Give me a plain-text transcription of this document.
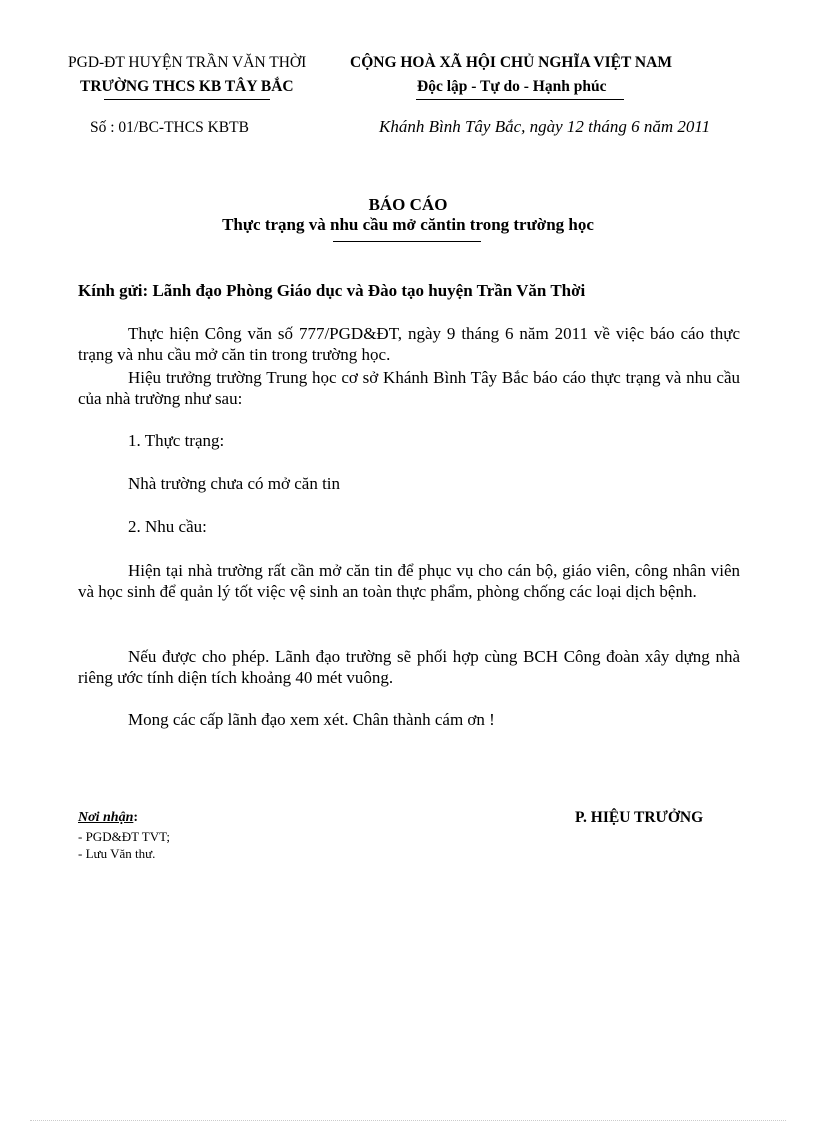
PGD-ĐT HUYỆN TRẦN VĂN THỜI
TRƯỜNG THCS KB TÂY BẮC
CỘNG HOÀ XÃ HỘI CHỦ NGHĨA VIỆT NAM
Độc lập - Tự do - Hạnh phúc
Số : 01/BC-THCS KBTB	Khánh Bình Tây Bắc, ngày 12 tháng 6 năm 2011
BÁO CÁO
Thực trạng và nhu cầu mở căntin trong trường học
Kính gửi: Lãnh đạo Phòng Giáo dục và Đào tạo huyện Trần Văn Thời
Thực hiện Công văn số 777/PGD&ĐT, ngày 9 tháng 6 năm 2011 về việc báo cáo thực trạng và nhu cầu mở căn tin trong trường học.
Hiệu trưởng trường Trung học cơ sở Khánh Bình Tây Bắc báo cáo thực trạng và nhu cầu của nhà trường như sau:
1. Thực trạng:
Nhà trường chưa có mở căn tin
2. Nhu cầu:
Hiện tại nhà trường rất cần mở căn tin để phục vụ cho cán bộ, giáo viên, công nhân viên và học sinh để quản lý tốt việc vệ sinh an toàn thực phẩm, phòng chống các loại dịch bệnh.
Nếu được cho phép. Lãnh đạo trường sẽ phối hợp cùng BCH Công đoàn xây dựng nhà riêng ước tính diện tích khoảng 40 mét vuông.
Mong các cấp lãnh đạo xem xét. Chân thành cám ơn !
Nơi nhận:
- PGD&ĐT TVT;
- Lưu Văn thư.
P. HIỆU TRƯỞNG
